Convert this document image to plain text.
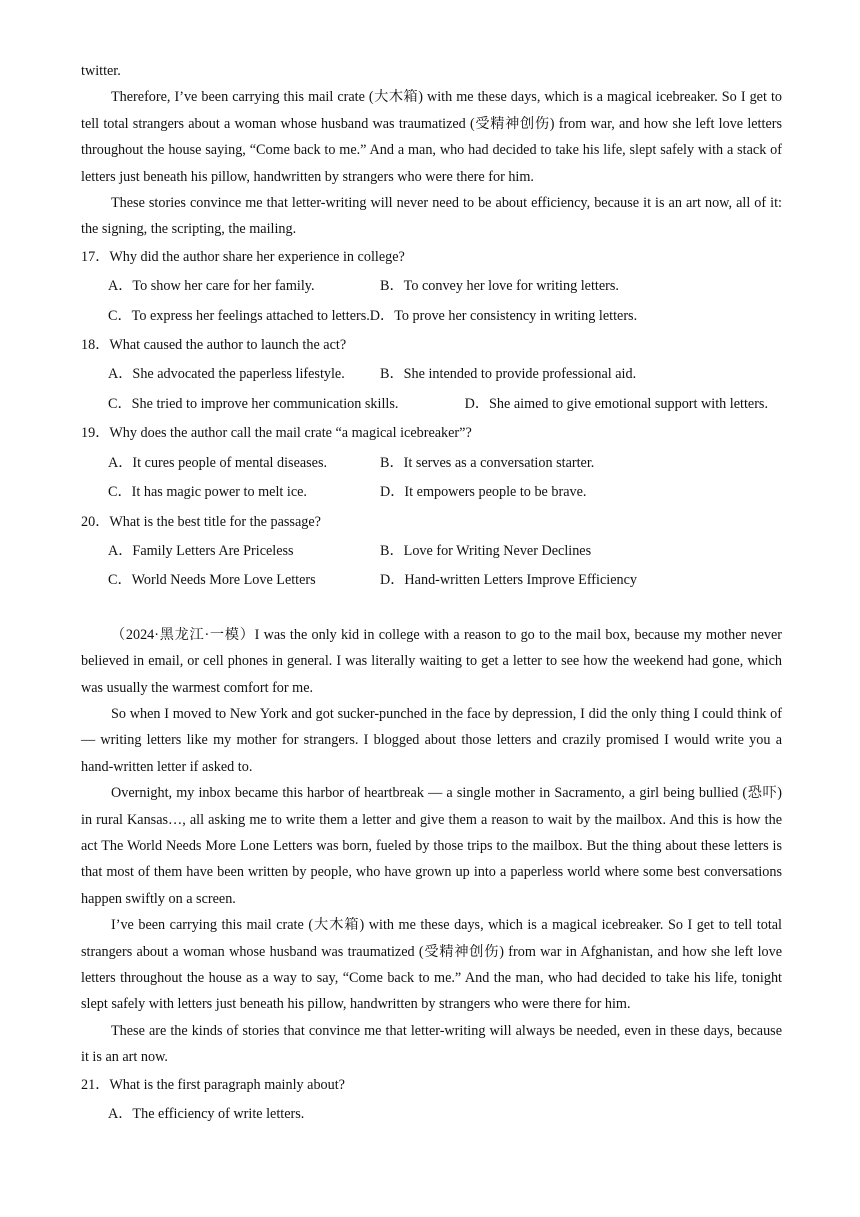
twitter.

Therefore, I’ve been carrying this mail crate (大木箱) with me these days, which is a magical icebreaker. So I get to tell total strangers about a woman whose husband was traumatized (受精神创伤) from war, and how she left love letters throughout the house saying, “Come back to me.” And a man, who had decided to take his life, slept safely with a stack of letters just beneath his pillow, handwritten by strangers who were there for him.

These stories convince me that letter-writing will never need to be about efficiency, because it is an art now, all of it: the signing, the scripting, the mailing.

17．Why did the author share her experience in college?

A．To show her care for her family.	B．To convey her love for writing letters.
C．To express her feelings attached to letters. D．To prove her consistency in writing letters.

18．What caused the author to launch the act?

A．She advocated the paperless lifestyle.	B．She intended to provide professional aid.
C．She tried to improve her communication skills.	D．She aimed to give emotional support with letters.

19．Why does the author call the mail crate “a magical icebreaker”?

A．It cures people of mental diseases.	B．It serves as a conversation starter.
C．It has magic power to melt ice.	D．It empowers people to be brave.

20．What is the best title for the passage?

A．Family Letters Are Priceless	B．Love for Writing Never Declines
C．World Needs More Love Letters	D．Hand-written Letters Improve Efficiency

（2024·黑龙江·一模）I was the only kid in college with a reason to go to the mail box, because my mother never believed in email, or cell phones in general. I was literally waiting to get a letter to see how the weekend had gone, which was usually the warmest comfort for me.

So when I moved to New York and got sucker-punched in the face by depression, I did the only thing I could think of — writing letters like my mother for strangers. I blogged about those letters and crazily promised I would write you a hand-written letter if asked to.

Overnight, my inbox became this harbor of heartbreak — a single mother in Sacramento, a girl being bullied (恐吓) in rural Kansas…, all asking me to write them a letter and give them a reason to wait by the mailbox. And this is how the act The World Needs More Lone Letters was born, fueled by those trips to the mailbox. But the thing about these letters is that most of them have been written by people, who have grown up into a paperless world where some best conversations happen swiftly on a screen.

I’ve been carrying this mail crate (大木箱) with me these days, which is a magical icebreaker. So I get to tell total strangers about a woman whose husband was traumatized (受精神创伤) from war in Afghanistan, and how she left love letters throughout the house as a way to say, “Come back to me.” And the man, who had decided to take his life, tonight slept safely with letters just beneath his pillow, handwritten by strangers who were there for him.

These are the kinds of stories that convince me that letter-writing will always be needed, even in these days, because it is an art now.

21．What is the first paragraph mainly about?

A．The efficiency of write letters.
